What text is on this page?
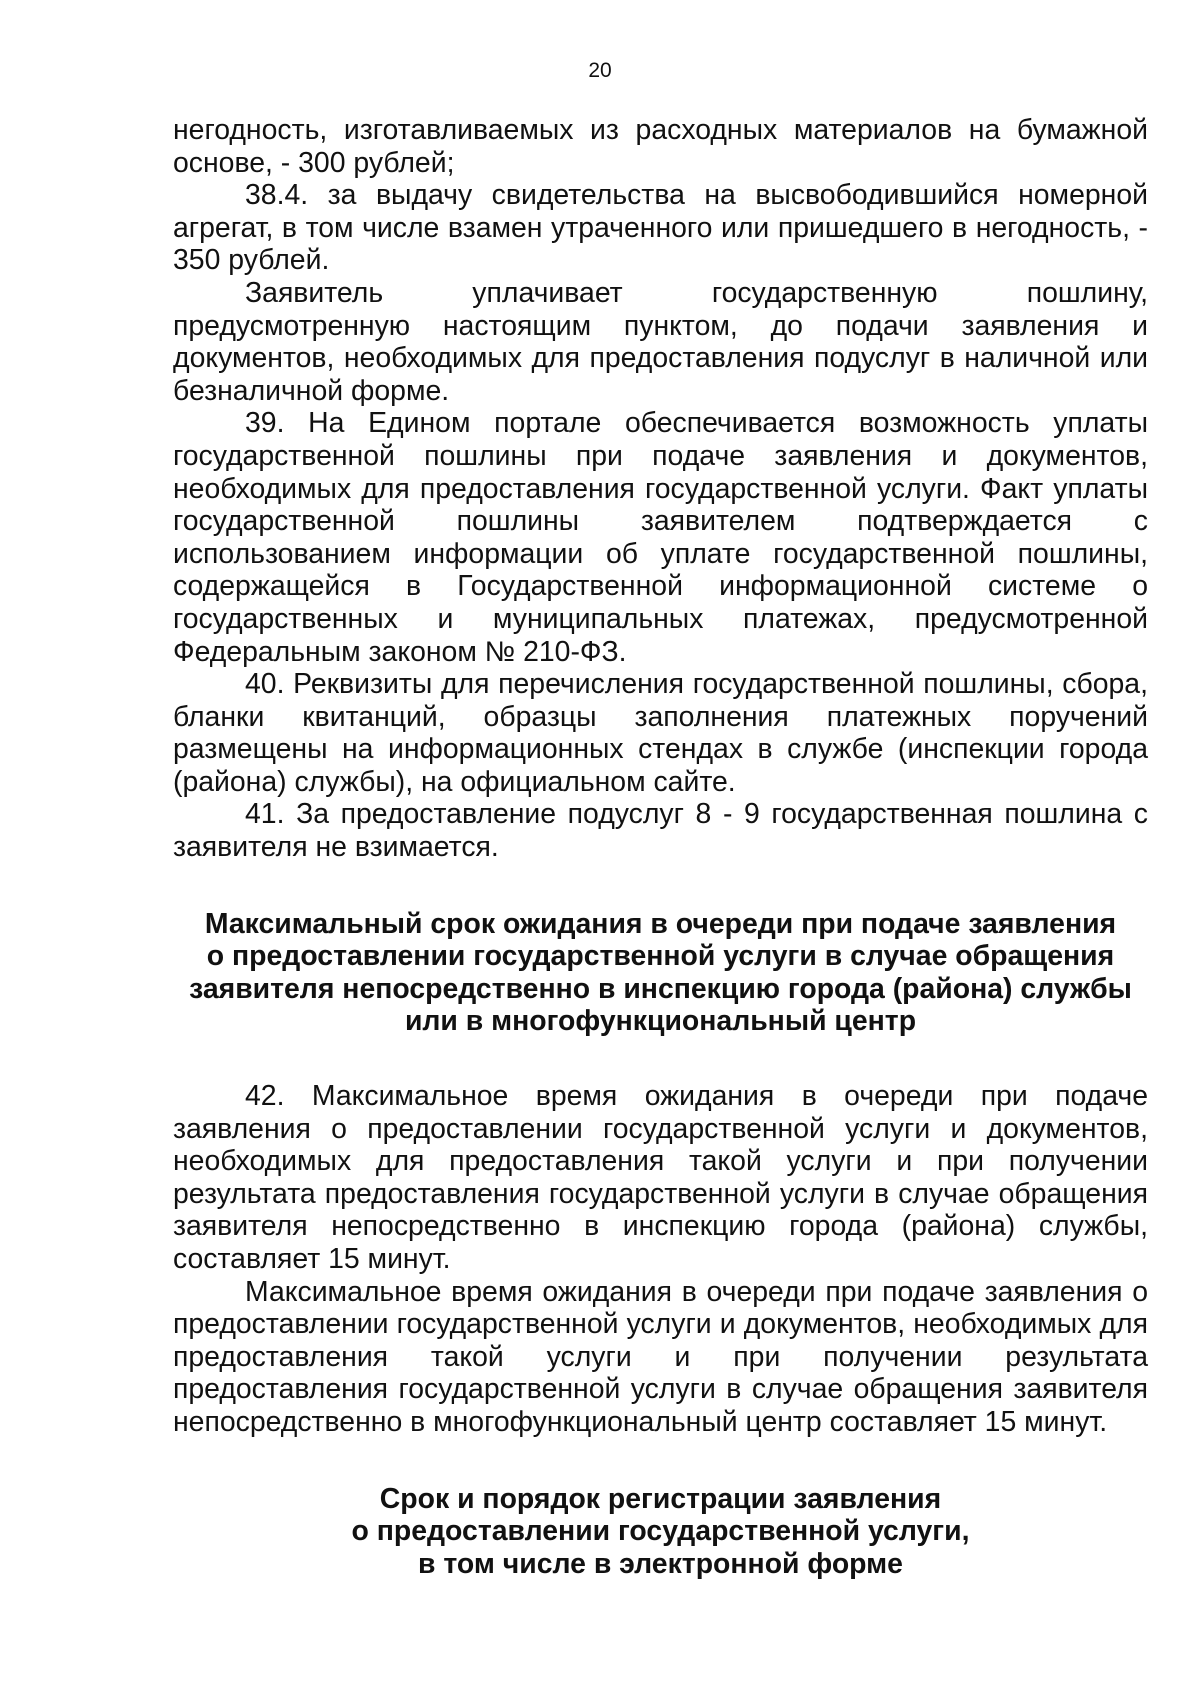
20

негодность, изготавливаемых из расходных материалов на бумажной основе, - 300 рублей;

38.4. за выдачу свидетельства на высвободившийся номерной агрегат, в том числе взамен утраченного или пришедшего в негодность, - 350 рублей.

Заявитель уплачивает государственную пошлину, предусмотренную настоящим пунктом, до подачи заявления и документов, необходимых для предоставления подуслуг в наличной или безналичной форме.

39. На Едином портале обеспечивается возможность уплаты государственной пошлины при подаче заявления и документов, необходимых для предоставления государственной услуги. Факт уплаты государственной пошлины заявителем подтверждается с использованием информации об уплате государственной пошлины, содержащейся в Государственной информационной системе о государственных и муниципальных платежах, предусмотренной Федеральным законом № 210-ФЗ.

40. Реквизиты для перечисления государственной пошлины, сбора, бланки квитанций, образцы заполнения платежных поручений размещены на информационных стендах в службе (инспекции города (района) службы), на официальном сайте.

41. За предоставление подуслуг 8 - 9 государственная пошлина с заявителя не взимается.

Максимальный срок ожидания в очереди при подаче заявления
о предоставлении государственной услуги в случае обращения
заявителя непосредственно в инспекцию города (района) службы
или в многофункциональный центр

42. Максимальное время ожидания в очереди при подаче заявления о предоставлении государственной услуги и документов, необходимых для предоставления такой услуги и при получении результата предоставления государственной услуги в случае обращения заявителя непосредственно в инспекцию города (района) службы, составляет 15 минут.

Максимальное время ожидания в очереди при подаче заявления о предоставлении государственной услуги и документов, необходимых для предоставления такой услуги и при получении результата предоставления государственной услуги в случае обращения заявителя непосредственно в многофункциональный центр составляет 15 минут.

Срок и порядок регистрации заявления
о предоставлении государственной услуги,
в том числе в электронной форме
